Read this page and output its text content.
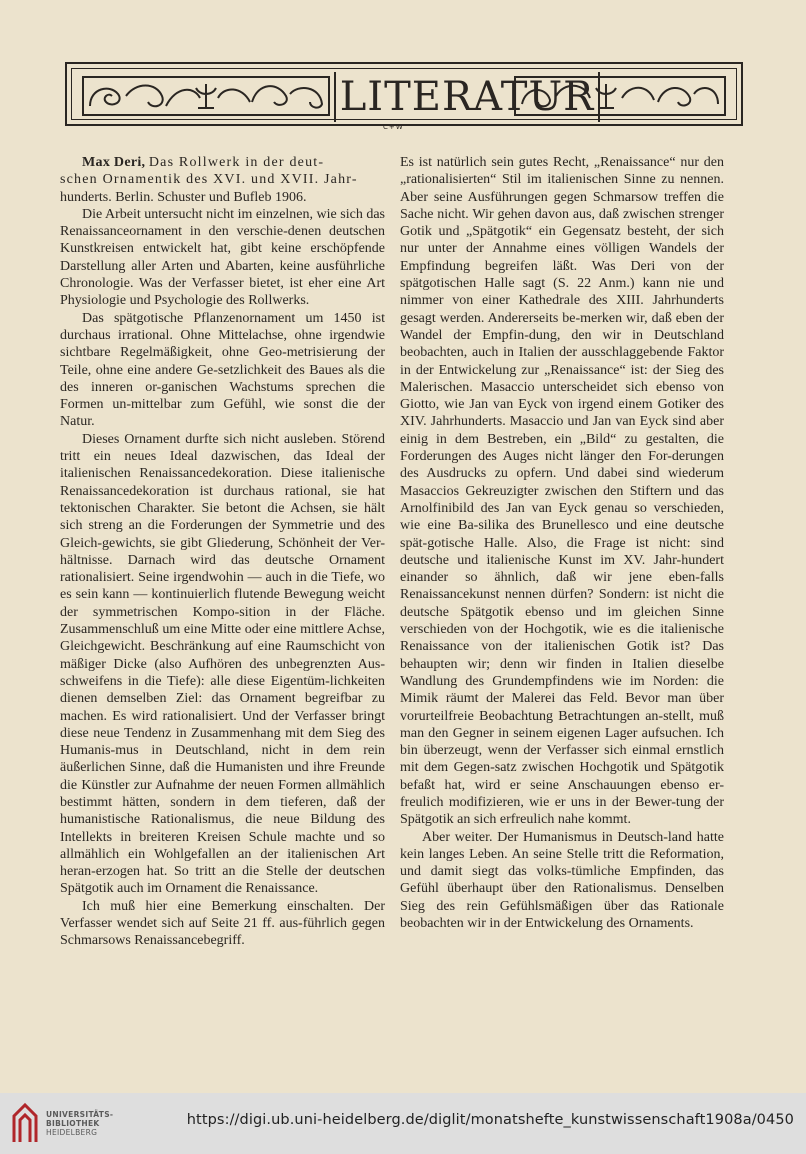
LITERATUR
C+W

Max Deri, Das Rollwerk in der deut-

schen Ornamentik des XVI. und XVII. Jahr-

hunderts. Berlin. Schuster und Bufleb 1906.

Die Arbeit untersucht nicht im einzelnen, wie sich das Renaissanceornament in den verschie-denen deutschen Kunstkreisen entwickelt hat, gibt keine erschöpfende Darstellung aller Arten und Abarten, keine ausführliche Chronologie. Was der Verfasser bietet, ist eher eine Art Physiologie und Psychologie des Rollwerks.

Das spätgotische Pflanzenornament um 1450 ist durchaus irrational. Ohne Mittelachse, ohne irgendwie sichtbare Regelmäßigkeit, ohne Geo-metrisierung der Teile, ohne eine andere Ge-setzlichkeit des Baues als die des inneren or-ganischen Wachstums sprechen die Formen un-mittelbar zum Gefühl, wie sonst die der Natur.

Dieses Ornament durfte sich nicht ausleben. Störend tritt ein neues Ideal dazwischen, das Ideal der italienischen Renaissancedekoration. Diese italienische Renaissancedekoration ist durchaus rational, sie hat tektonischen Charakter. Sie betont die Achsen, sie hält sich streng an die Forderungen der Symmetrie und des Gleich-gewichts, sie gibt Gliederung, Schönheit der Ver-hältnisse. Darnach wird das deutsche Ornament rationalisiert. Seine irgendwohin — auch in die Tiefe, wo es sein kann — kontinuierlich flutende Bewegung weicht der symmetrischen Kompo-sition in der Fläche. Zusammenschluß um eine Mitte oder eine mittlere Achse, Gleichgewicht. Beschränkung auf eine Raumschicht von mäßiger Dicke (also Aufhören des unbegrenzten Aus-schweifens in die Tiefe): alle diese Eigentüm-lichkeiten dienen demselben Ziel: das Ornament begreifbar zu machen. Es wird rationalisiert. Und der Verfasser bringt diese neue Tendenz in Zusammenhang mit dem Sieg des Humanis-mus in Deutschland, nicht in dem rein äußerlichen Sinne, daß die Humanisten und ihre Freunde die Künstler zur Aufnahme der neuen Formen allmählich bestimmt hätten, sondern in dem tieferen, daß der humanistische Rationalismus, die neue Bildung des Intellekts in breiteren Kreisen Schule machte und so allmählich ein Wohlgefallen an der italienischen Art heran-erzogen hat. So tritt an die Stelle der deutschen Spätgotik auch im Ornament die Renaissance.

Ich muß hier eine Bemerkung einschalten. Der Verfasser wendet sich auf Seite 21 ff. aus-führlich gegen Schmarsows Renaissancebegriff.

Es ist natürlich sein gutes Recht, „Renaissance“ nur den „rationalisierten“ Stil im italienischen Sinne zu nennen. Aber seine Ausführungen gegen Schmarsow treffen die Sache nicht. Wir gehen davon aus, daß zwischen strenger Gotik und „Spätgotik“ ein Gegensatz besteht, der sich nur unter der Annahme eines völligen Wandels der Empfindung begreifen läßt. Was Deri von der spätgotischen Halle sagt (S. 22 Anm.) kann nie und nimmer von einer Kathedrale des XIII. Jahrhunderts gesagt werden. Andererseits be-merken wir, daß eben der Wandel der Empfin-dung, den wir in Deutschland beobachten, auch in Italien der ausschlaggebende Faktor in der Entwickelung zur „Renaissance“ ist: der Sieg des Malerischen. Masaccio unterscheidet sich ebenso von Giotto, wie Jan van Eyck von irgend einem Gotiker des XIV. Jahrhunderts. Masaccio und Jan van Eyck sind aber einig in dem Bestreben, ein „Bild“ zu gestalten, die Forderungen des Auges nicht länger den For-derungen des Ausdrucks zu opfern. Und dabei sind wiederum Masaccios Gekreuzigter zwischen den Stiftern und das Arnolfinibild des Jan van Eyck genau so verschieden, wie eine Ba-silika des Brunellesco und eine deutsche spät-gotische Halle. Also, die Frage ist nicht: sind deutsche und italienische Kunst im XV. Jahr-hundert einander so ähnlich, daß wir jene eben-falls Renaissancekunst nennen dürfen? Sondern: ist nicht die deutsche Spätgotik ebenso und im gleichen Sinne verschieden von der Hochgotik, wie es die italienische Renaissance von der italienischen Gotik ist? Das behaupten wir; denn wir finden in Italien dieselbe Wandlung des Grundempfindens wie im Norden: die Mimik räumt der Malerei das Feld. Bevor man über vorurteilfreie Beobachtung Betrachtungen an-stellt, muß man den Gegner in seinem eigenen Lager aufsuchen. Ich bin überzeugt, wenn der Verfasser sich einmal ernstlich mit dem Gegen-satz zwischen Hochgotik und Spätgotik befaßt hat, wird er seine Anschauungen ebenso er-freulich modifizieren, wie er uns in der Bewer-tung der Spätgotik an sich erfreulich nahe kommt.

Aber weiter. Der Humanismus in Deutsch-land hatte kein langes Leben. An seine Stelle tritt die Reformation, und damit siegt das volks-tümliche Empfinden, das Gefühl überhaupt über den Rationalismus. Denselben Sieg des rein Gefühlsmäßigen über das Rationale beobachten wir in der Entwickelung des Ornaments.

UNIVERSITÄTS-
BIBLIOTHEK
HEIDELBERG
https://digi.ub.uni-heidelberg.de/diglit/monatshefte_kunstwissenschaft1908a/0450
